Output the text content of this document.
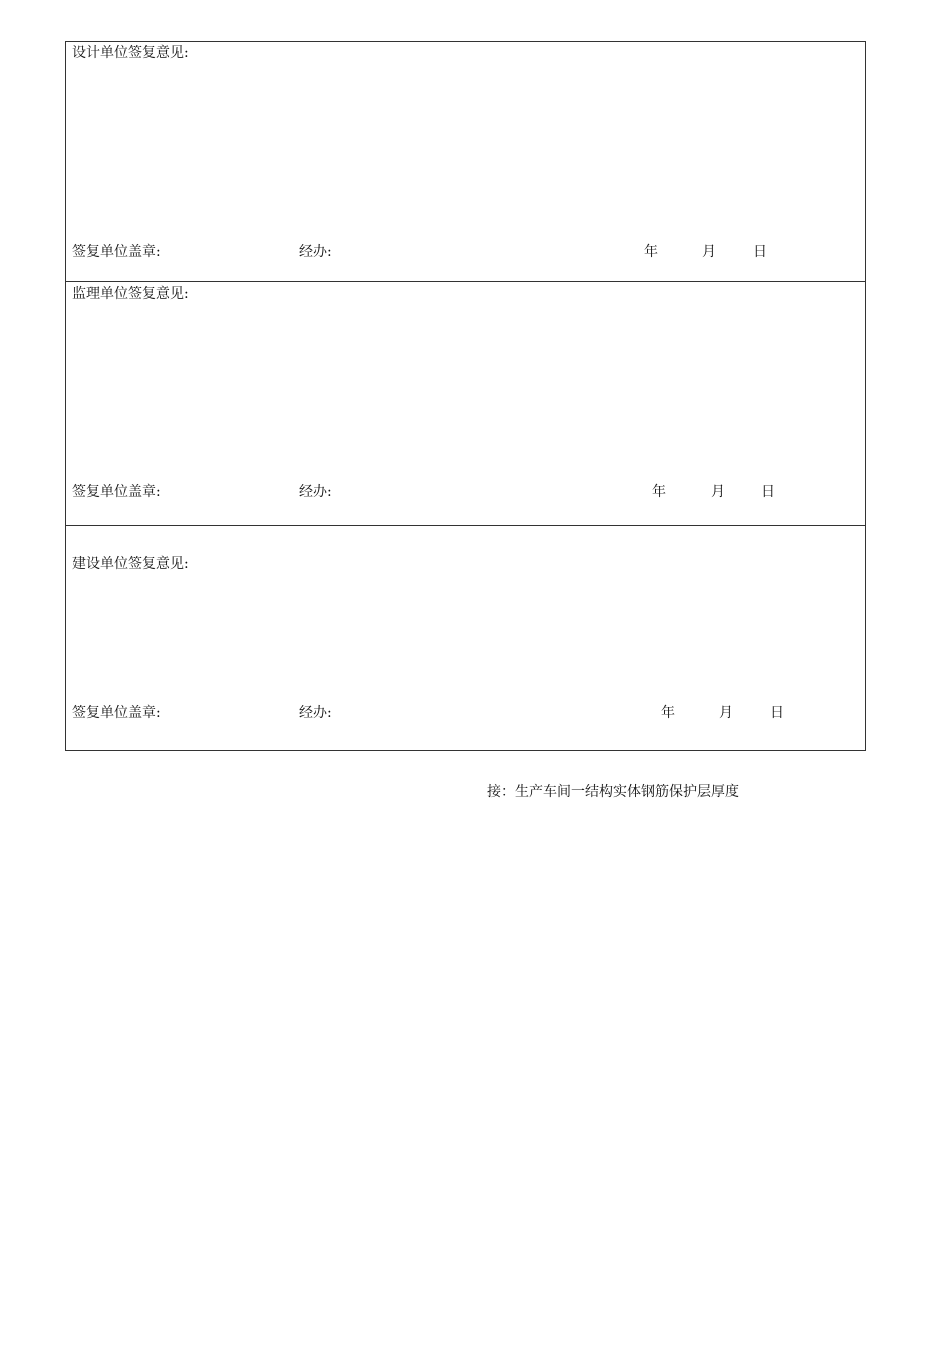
设计单位签复意见:
签复单位盖章:	经办:	年	月	日
监理单位签复意见:
签复单位盖章:	经办:	年	月	日
建设单位签复意见:
签复单位盖章:	经办:	年	月	日
接：生产车间一结构实体钢筋保护层厚度
